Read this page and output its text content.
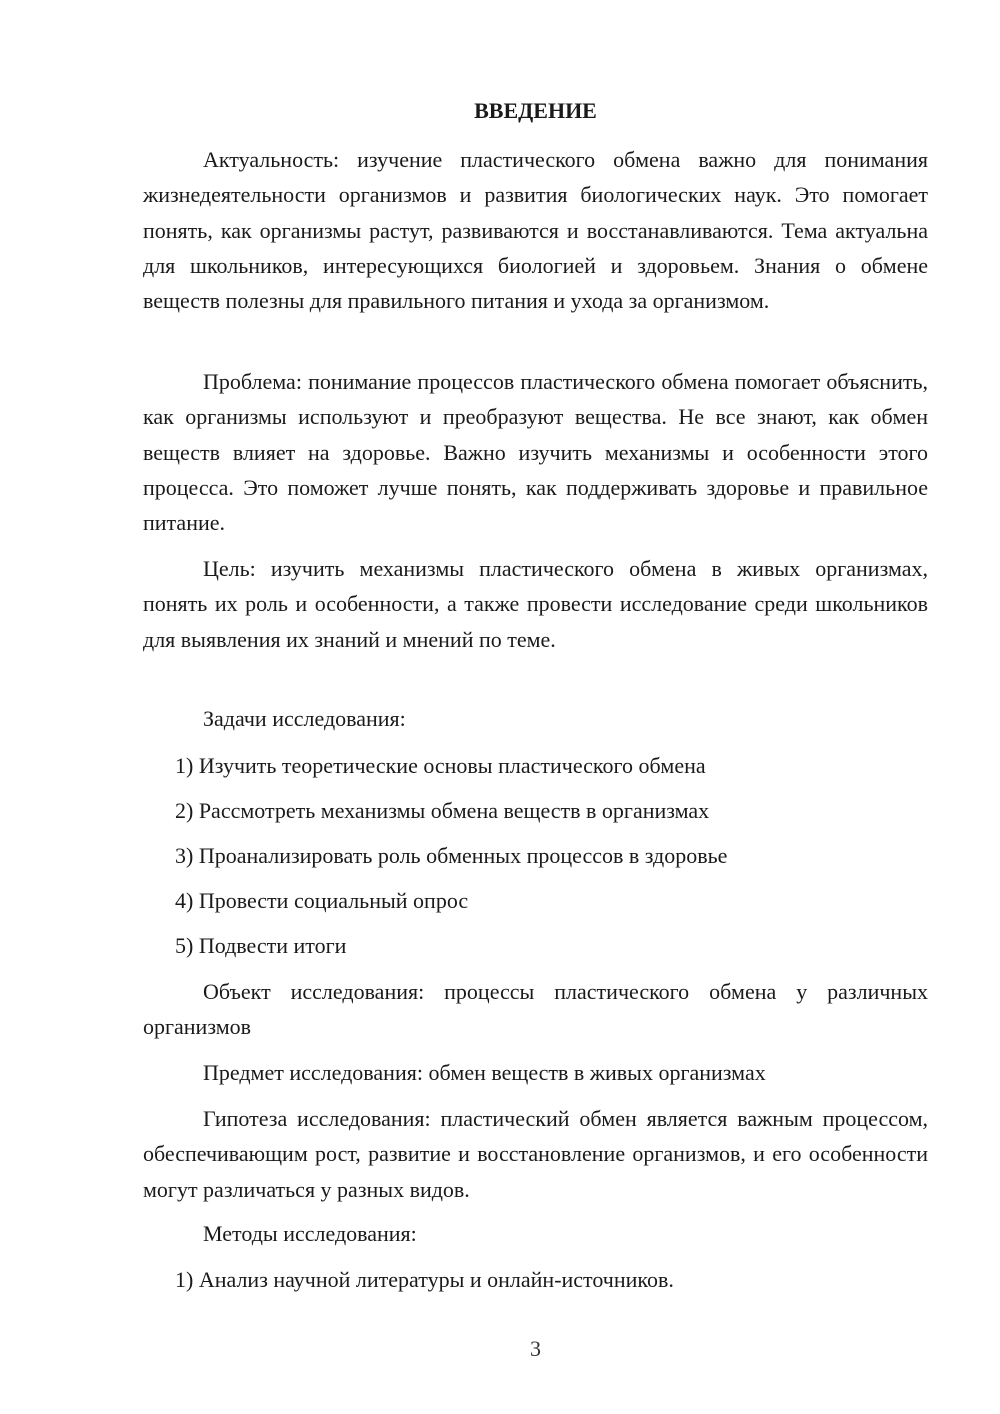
ВВЕДЕНИЕ

Актуальность: изучение пластического обмена важно для понимания жизнедеятельности организмов и развития биологических наук. Это помогает понять, как организмы растут, развиваются и восстанавливаются. Тема актуальна для школьников, интересующихся биологией и здоровьем. Знания о обмене веществ полезны для правильного питания и ухода за организмом.

Проблема: понимание процессов пластического обмена помогает объяснить, как организмы используют и преобразуют вещества. Не все знают, как обмен веществ влияет на здоровье. Важно изучить механизмы и особенности этого процесса. Это поможет лучше понять, как поддерживать здоровье и правильное питание.

Цель: изучить механизмы пластического обмена в живых организмах, понять их роль и особенности, а также провести исследование среди школьников для выявления их знаний и мнений по теме.

Задачи исследования:

1) Изучить теоретические основы пластического обмена
2) Рассмотреть механизмы обмена веществ в организмах
3) Проанализировать роль обменных процессов в здоровье
4) Провести социальный опрос
5) Подвести итоги

Объект исследования: процессы пластического обмена у различных организмов

Предмет исследования: обмен веществ в живых организмах

Гипотеза исследования: пластический обмен является важным процессом, обеспечивающим рост, развитие и восстановление организмов, и его особенности могут различаться у разных видов.

Методы исследования:

1) Анализ научной литературы и онлайн-источников.
3
